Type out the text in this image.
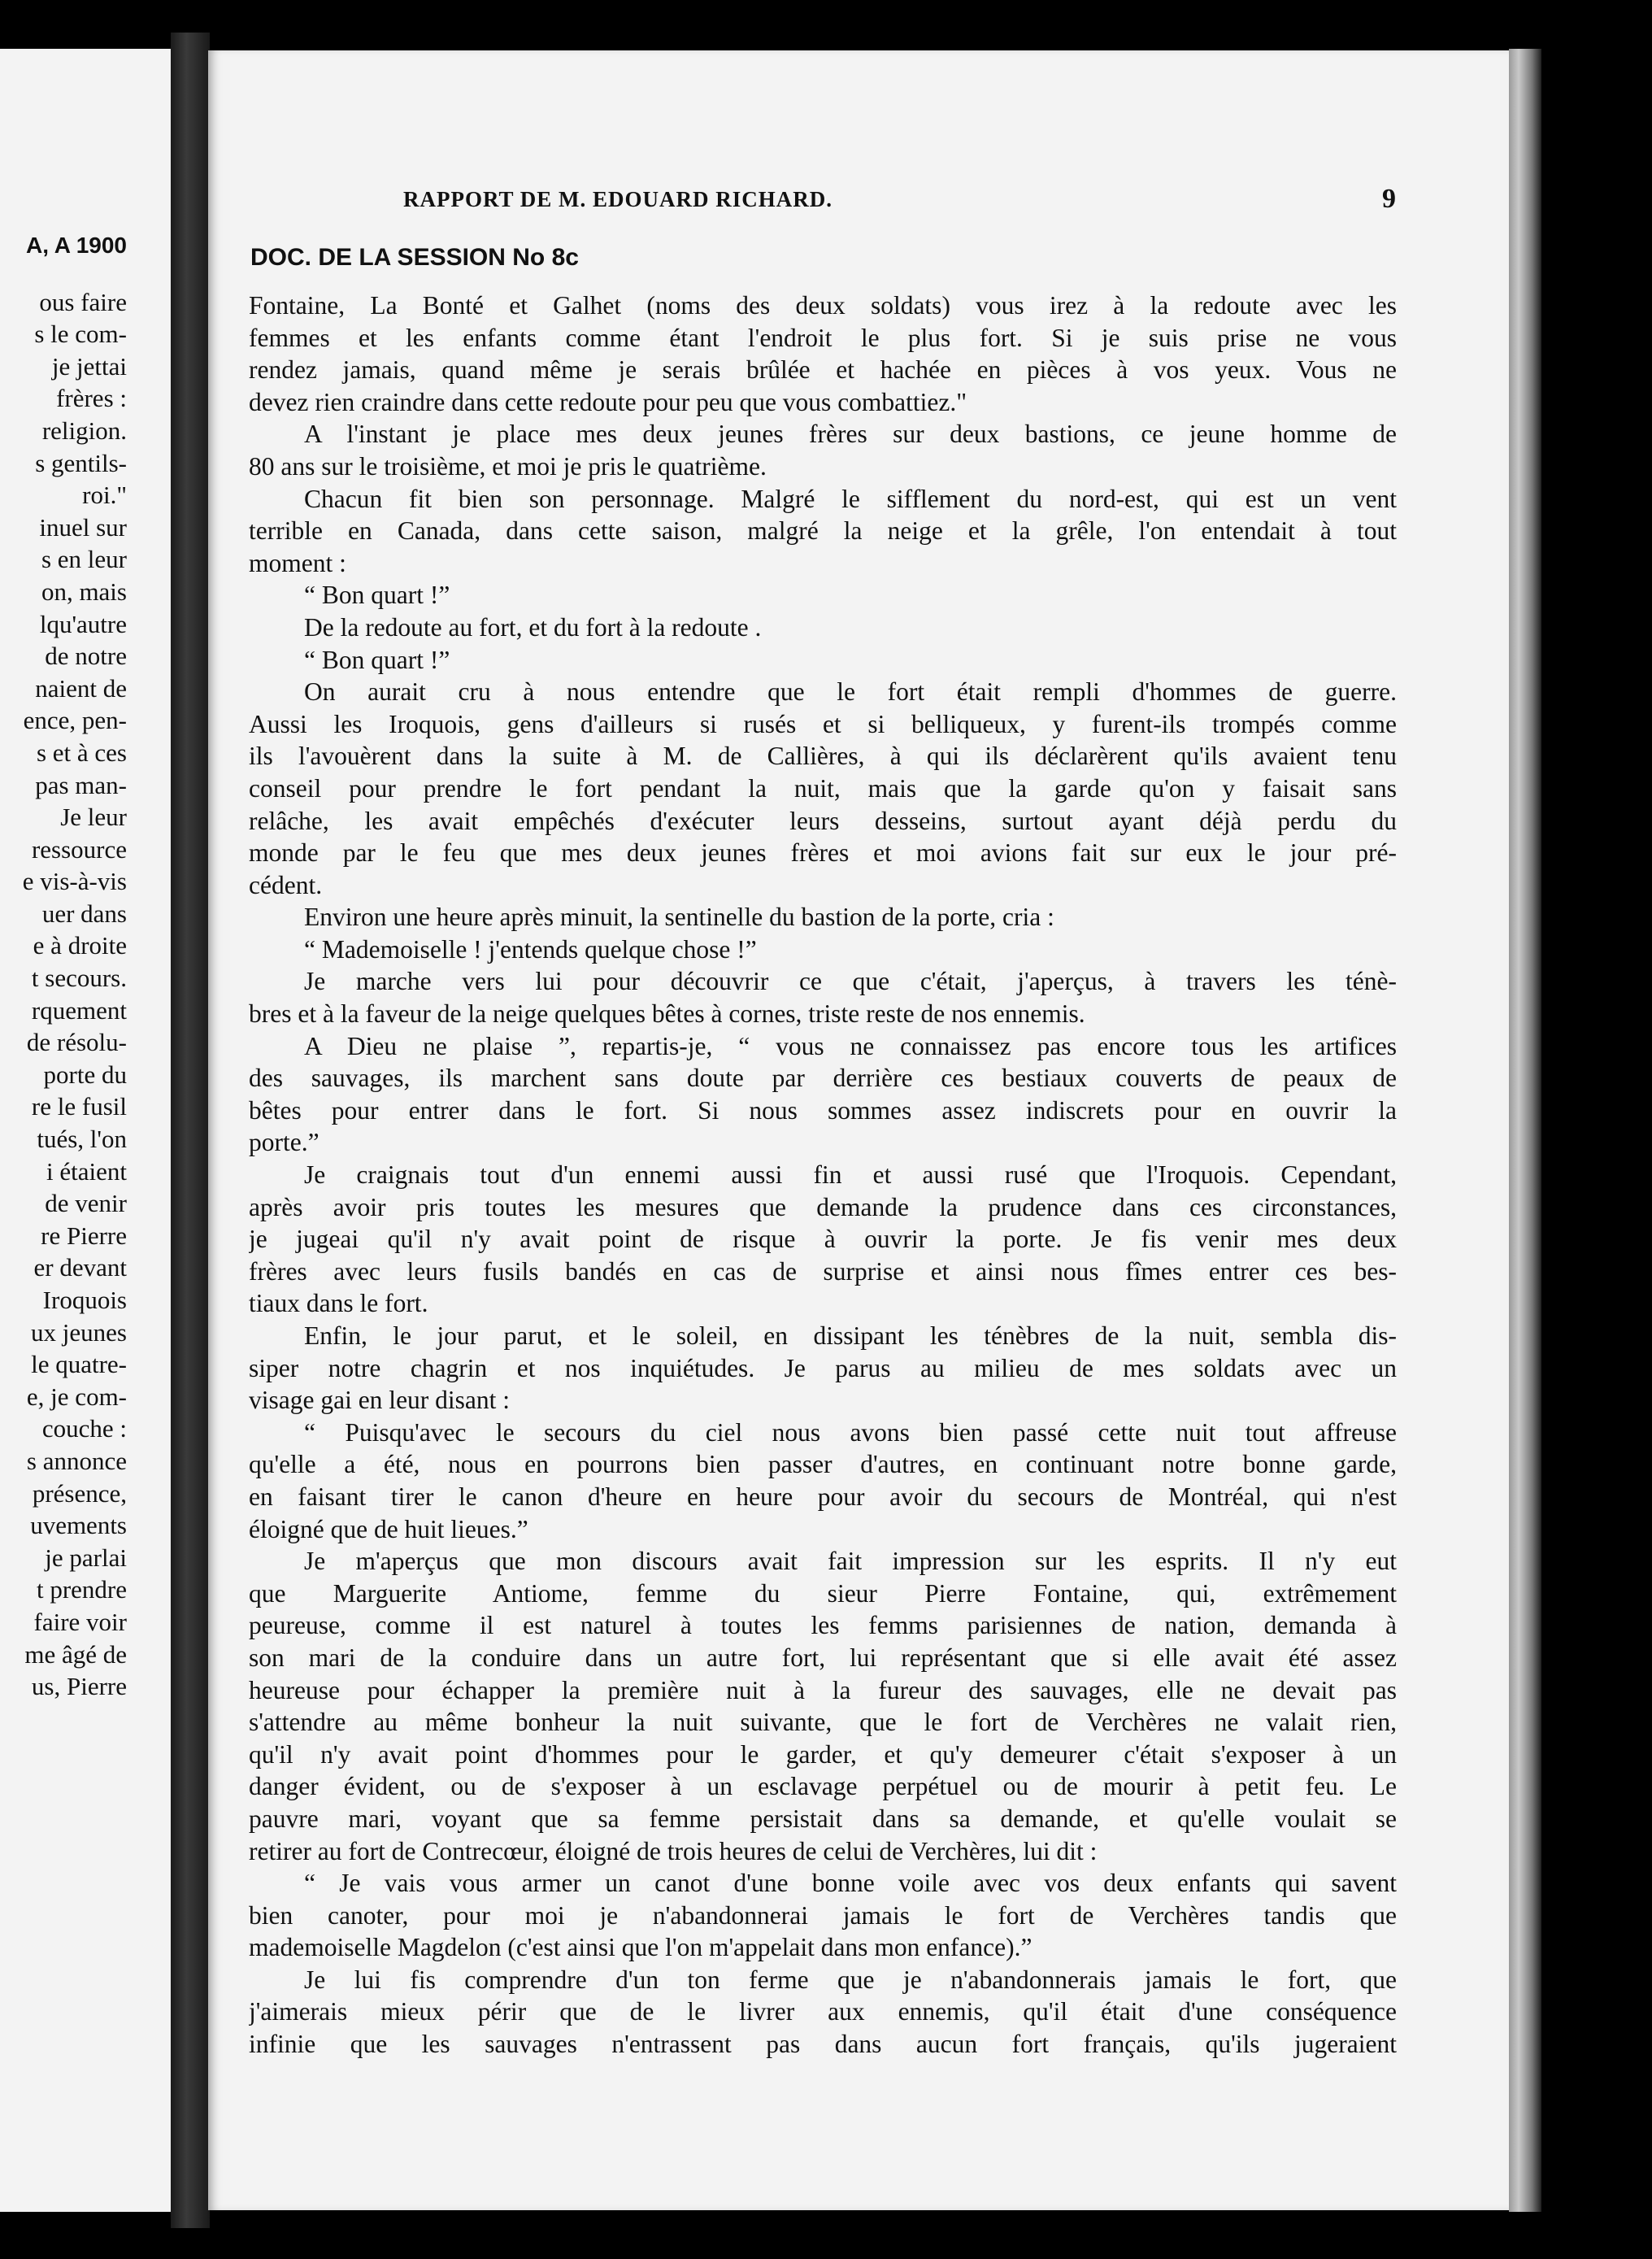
A, A 1900
ous faire
s le com-
je jettai
frères :
religion.
s gentils-
roi."
inuel sur
s en leur
on, mais
lqu'autre
de notre
naient de
ence, pen-
s et à ces
pas man-
Je leur
ressource
e vis-à-vis
uer dans
e à droite
t secours.
rquement
de résolu-
porte du
re le fusil
tués, l'on
i étaient
de venir
re Pierre
er devant
Iroquois
ux jeunes
le quatre-
e, je com-
couche :
s annonce
présence,
uvements
je parlai
t prendre
faire voir
me âgé de
us, Pierre
RAPPORT DE M. EDOUARD RICHARD.	9
DOC. DE LA SESSION No 8c
Fontaine, La Bonté et Galhet (noms des deux soldats) vous irez à la redoute avec les
femmes et les enfants comme étant l'endroit le plus fort. Si je suis prise ne vous
rendez jamais, quand même je serais brûlée et hachée en pièces à vos yeux. Vous ne
devez rien craindre dans cette redoute pour peu que vous combattiez."
A l'instant je place mes deux jeunes frères sur deux bastions, ce jeune homme de
80 ans sur le troisième, et moi je pris le quatrième.
Chacun fit bien son personnage. Malgré le sifflement du nord-est, qui est un vent
terrible en Canada, dans cette saison, malgré la neige et la grêle, l'on entendait à tout
moment :
“ Bon quart !”
De la redoute au fort, et du fort à la redoute .
“ Bon quart !”
On aurait cru à nous entendre que le fort était rempli d'hommes de guerre.
Aussi les Iroquois, gens d'ailleurs si rusés et si belliqueux, y furent-ils trompés comme
ils l'avouèrent dans la suite à M. de Callières, à qui ils déclarèrent qu'ils avaient tenu
conseil pour prendre le fort pendant la nuit, mais que la garde qu'on y faisait sans
relâche, les avait empêchés d'exécuter leurs desseins, surtout ayant déjà perdu du
monde par le feu que mes deux jeunes frères et moi avions fait sur eux le jour pré-
cédent.
Environ une heure après minuit, la sentinelle du bastion de la porte, cria :
“ Mademoiselle ! j'entends quelque chose !”
Je marche vers lui pour découvrir ce que c'était, j'aperçus, à travers les ténè-
bres et à la faveur de la neige quelques bêtes à cornes, triste reste de nos ennemis.
A Dieu ne plaise ”, repartis-je, “ vous ne connaissez pas encore tous les artifices
des sauvages, ils marchent sans doute par derrière ces bestiaux couverts de peaux de
bêtes pour entrer dans le fort. Si nous sommes assez indiscrets pour en ouvrir la
porte.”
Je craignais tout d'un ennemi aussi fin et aussi rusé que l'Iroquois. Cependant,
après avoir pris toutes les mesures que demande la prudence dans ces circonstances,
je jugeai qu'il n'y avait point de risque à ouvrir la porte. Je fis venir mes deux
frères avec leurs fusils bandés en cas de surprise et ainsi nous fîmes entrer ces bes-
tiaux dans le fort.
Enfin, le jour parut, et le soleil, en dissipant les ténèbres de la nuit, sembla dis-
siper notre chagrin et nos inquiétudes. Je parus au milieu de mes soldats avec un
visage gai en leur disant :
“ Puisqu'avec le secours du ciel nous avons bien passé cette nuit tout affreuse
qu'elle a été, nous en pourrons bien passer d'autres, en continuant notre bonne garde,
en faisant tirer le canon d'heure en heure pour avoir du secours de Montréal, qui n'est
éloigné que de huit lieues.”
Je m'aperçus que mon discours avait fait impression sur les esprits. Il n'y eut
que Marguerite Antiome, femme du sieur Pierre Fontaine, qui, extrêmement
peureuse, comme il est naturel à toutes les femms parisiennes de nation, demanda à
son mari de la conduire dans un autre fort, lui représentant que si elle avait été assez
heureuse pour échapper la première nuit à la fureur des sauvages, elle ne devait pas
s'attendre au même bonheur la nuit suivante, que le fort de Verchères ne valait rien,
qu'il n'y avait point d'hommes pour le garder, et qu'y demeurer c'était s'exposer à un
danger évident, ou de s'exposer à un esclavage perpétuel ou de mourir à petit feu. Le
pauvre mari, voyant que sa femme persistait dans sa demande, et qu'elle voulait se
retirer au fort de Contrecœur, éloigné de trois heures de celui de Verchères, lui dit :
“ Je vais vous armer un canot d'une bonne voile avec vos deux enfants qui savent
bien canoter, pour moi je n'abandonnerai jamais le fort de Verchères tandis que
mademoiselle Magdelon (c'est ainsi que l'on m'appelait dans mon enfance).”
Je lui fis comprendre d'un ton ferme que je n'abandonnerais jamais le fort, que
j'aimerais mieux périr que de le livrer aux ennemis, qu'il était d'une conséquence
infinie que les sauvages n'entrassent pas dans aucun fort français, qu'ils jugeraient
